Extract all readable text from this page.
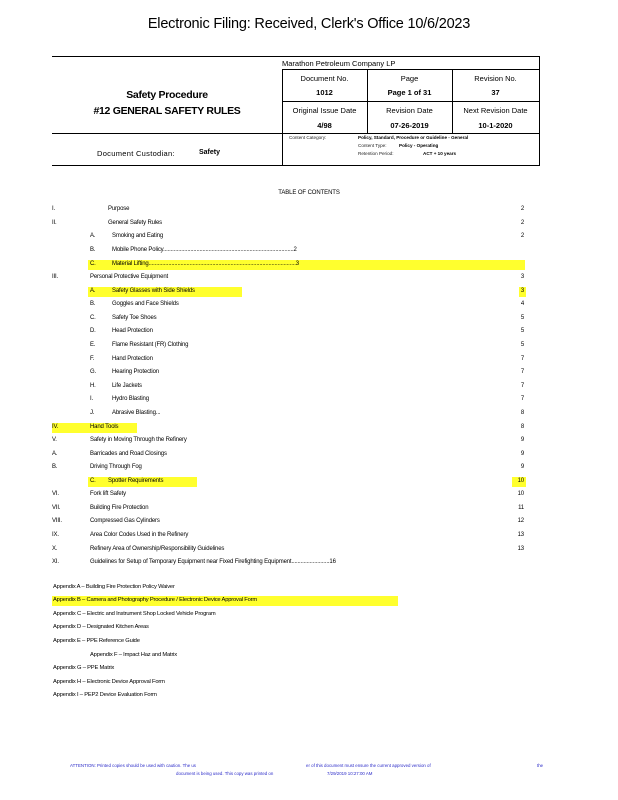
Electronic Filing: Received, Clerk's Office 10/6/2023
Marathon Petroleum Company LP
Safety Procedure
#12 GENERAL SAFETY RULES
Document No.
1012
Page
Page 1 of 31
Revision No.
37
Original Issue Date
4/98
Revision Date
07-26-2019
Next Revision Date
10-1-2020
Document Custodian:	Safety
Content Category:	Policy, Standard, Procedure or Guideline - General
Content Type:	Policy - Operating
Retention Period:	ACT + 10 years
TABLE OF CONTENTS
I.	Purpose	2
II.	General Safety Rules	2
A.	Smoking and Eating	2
B.	Mobile Phone Policy......................................................................................2
C.	Material Lifting.................................................................................................3
III.	Personal Protective Equipment	3
A.	Safety Glasses with Side Shields	3
B.	Goggles and Face Shields	4
C.	Safety Toe Shoes	5
D.	Head Protection	5
E.	Flame Resistant (FR) Clothing	5
F.	Hand Protection	7
G.	Hearing Protection	7
H.	Life Jackets	7
I.	Hydro Blasting	7
J.	Abrasive Blasting...	8
IV.	Hand Tools	8
V.	Safety in Moving Through the Refinery	9
A.	Barricades and Road Closings	9
B.	Driving Through Fog	9
C. Spotter Requirements	10
VI.	Fork lift Safety	10
VII.	Building Fire Protection	11
VIII.	Compressed Gas Cylinders	12
IX.	Area Color Codes Used in the Refinery	13
X.	Refinery Area of Ownership/Responsibility Guidelines	13
XI.	Guidelines for Setup of Temporary Equipment near Fixed Firefighting Equipment.........................16
Appendix A – Building Fire Protection Policy Waiver
Appendix B – Camera and Photography Procedure / Electronic Device Approval Form
Appendix C – Electric and Instrument Shop Locked Vehicle Program
Appendix D – Designated Kitchen Areas
Appendix E – PPE Reference Guide
Appendix F – Impact Haz and Matrix
Appendix G – PPE Matrix
Appendix H – Electronic Device Approval Form
Appendix I – PEP2 Device Evaluation Form
ATTENTION: Printed copies should be used with caution. The us	er of this document must ensure the current approved version of	the
document is being used. This copy was printed on	7/29/2019 10:27:00 AM
